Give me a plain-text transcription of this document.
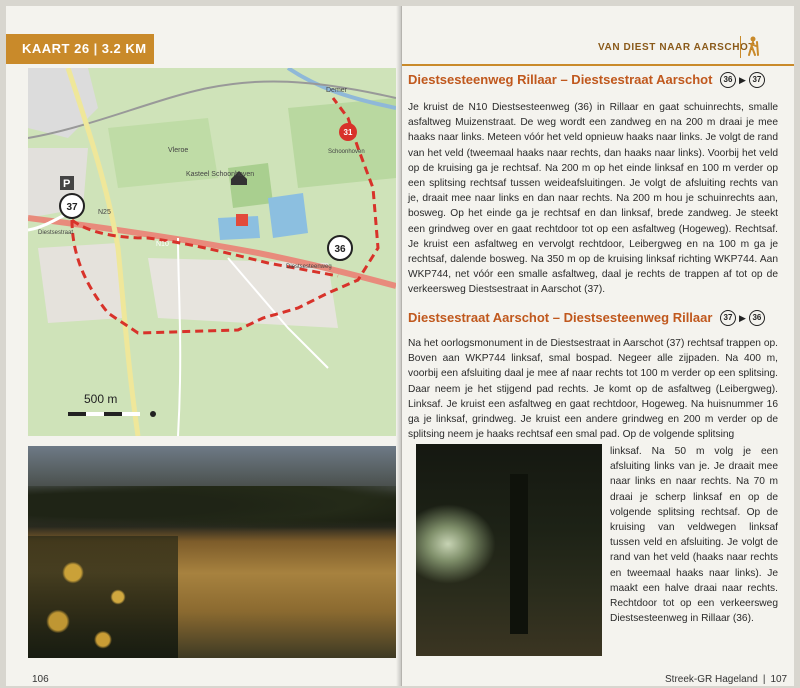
KAART 26 | 3.2 KM
P
37
36
31
Kasteel Schoonhoven
Vleroe
Demer
N10
N25
Diestsesteenweg
Diestsestraat
Schoonhoven
500 m
106
VAN DIEST NAAR AARSCHOT
Diestsesteenweg Rillaar – Diestsestraat Aarschot	36 ▶ 37

Je kruist de N10 Diestsesteenweg (36) in Rillaar en gaat schuinrechts, smalle asfaltweg Muizenstraat. De weg wordt een zandweg en na 200 m draai je mee haaks naar links. Meteen vóór het veld opnieuw haaks naar links. Je volgt de rand van het veld (tweemaal haaks naar rechts, dan haaks naar links). Voorbij het veld op de kruising ga je rechtsaf. Na 200 m op het einde linksaf en 100 m verder op een splitsing rechtsaf tussen weideafsluitingen. Je volgt de afsluiting rechts van je, draait mee naar links en dan naar rechts. Na 200 m hou je schuinrechts aan, bosweg. Op het einde ga je rechtsaf en dan linksaf, brede zandweg. Je steekt een grindweg over en gaat rechtdoor tot op een asfaltweg (Hogeweg). Rechtsaf. Je kruist een asfaltweg en vervolgt rechtdoor, Leibergweg en na 100 m ga je rechtsaf, dalende bosweg. Na 350 m op de kruising linksaf richting WKP744. Aan WKP744, net vóór een smalle asfaltweg, daal je rechts de trappen af tot op de verkeersweg Diestsestraat in Aarschot (37).

Diestsestraat Aarschot – Diestsesteenweg Rillaar	37 ▶ 36

Na het oorlogsmonument in de Diestsestraat in Aarschot (37) rechtsaf trappen op. Boven aan WKP744 linksaf, smal bospad. Negeer alle zijpaden. Na 400 m, voorbij een afsluiting daal je mee af naar rechts tot 100 m verder op een splitsing. Daar neem je het stijgend pad rechts. Je komt op de asfaltweg (Leibergweg). Linksaf. Je kruist een asfaltweg en gaat rechtdoor, Hogeweg. Na huisnummer 16 ga je linksaf, grindweg. Je kruist een andere grindweg en 200 m verder op de splitsing neem je haaks rechtsaf een smal pad. Op de volgende splitsing

linksaf. Na 50 m volg je een afsluiting links van je. Je draait mee naar links en naar rechts. Na 70 m draai je scherp linksaf en op de volgende splitsing rechtsaf. Op de kruising van veldwegen linksaf tussen veld en afsluiting. Je volgt de rand van het veld (haaks naar rechts en tweemaal haaks naar links). Je maakt een halve draai naar rechts. Rechtdoor tot op een verkeersweg Diestsesteenweg in Rillaar (36).

Streek-GR Hageland | 107
